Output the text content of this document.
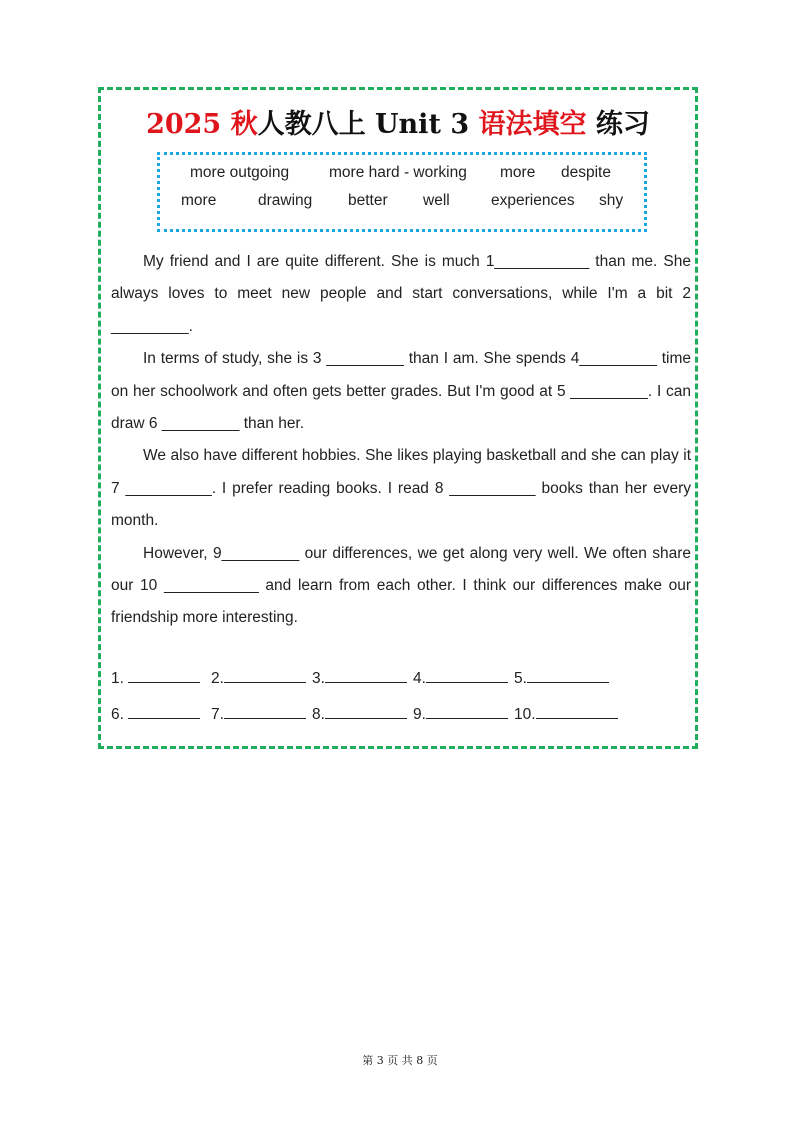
2025 秋人教八上 Unit 3 语法填空 练习
more outgoing	more hard - working more despite
more	drawing better well	experiences shy

My friend and I are quite different. She is much 1___________ than me. She always loves to meet new people and start conversations, while I'm a bit 2 _________.

In terms of study, she is 3 _________ than I am. She spends 4_________ time on her schoolwork and often gets better grades. But I'm good at 5 _________. I can draw 6 _________ than her.

We also have different hobbies. She likes playing basketball and she can play it 7 __________. I prefer reading books. I read 8 __________ books than her every month.

However, 9_________ our differences, we get along very well. We often share our 10 ___________ and learn from each other. I think our differences make our friendship more interesting.

1.	2.	3.	4.	5.
6.	7.	8.	9.	10.
第 3 页 共 8 页
